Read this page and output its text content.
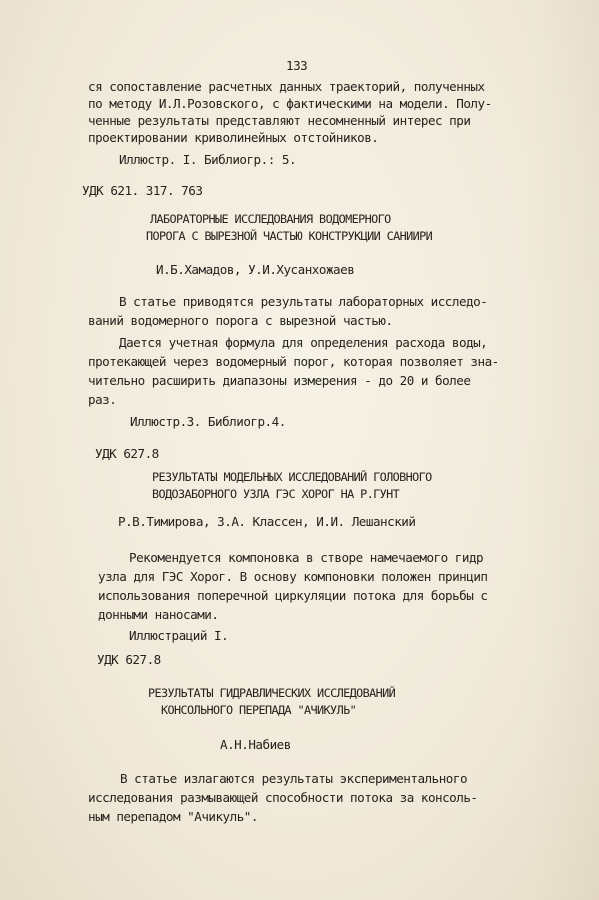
133
ся сопоставление расчетных данных траекторий, полученных
по методу И.Л.Розовского, с фактическими на модели. Полу-
ченные результаты представляют несомненный интерес при
проектировании криволинейных отстойников.
Иллюстр. I. Библиогр.: 5.
УДК 621. 317. 763
ЛАБОРАТОРНЫЕ ИССЛЕДОВАНИЯ ВОДОМЕРНОГО
ПОРОГА С ВЫРЕЗНОЙ ЧАСТЬЮ КОНСТРУКЦИИ САНИИРИ
И.Б.Хамадов, У.И.Хусанхожаев
В статье приводятся результаты лабораторных исследо-
ваний водомерного порога с вырезной частью.
Дается учетная формула для определения расхода воды,
протекающей через водомерный порог, которая позволяет зна-
чительно расширить диапазоны измерения - до 20 и более
раз.
Иллюстр.3. Библиогр.4.
УДК 627.8
РЕЗУЛЬТАТЫ МОДЕЛЬНЫХ ИССЛЕДОВАНИЙ ГОЛОВНОГО
ВОДОЗАБОРНОГО УЗЛА ГЭС ХОРОГ НА Р.ГУНТ
Р.В.Тимирова, З.А. Классен, И.И. Лешанский
Рекомендуется компоновка в створе намечаемого гидр
узла для ГЭС Хорог. В основу компоновки положен принцип
использования поперечной циркуляции потока для борьбы с
донными наносами.
Иллюстраций I.
УДК 627.8
РЕЗУЛЬТАТЫ ГИДРАВЛИЧЕСКИХ ИССЛЕДОВАНИЙ
КОНСОЛЬНОГО ПЕРЕПАДА "АЧИКУЛЬ"
А.Н.Набиев
В статье излагаются результаты экспериментального
исследования размывающей способности потока за консоль-
ным перепадом "Ачикуль".
